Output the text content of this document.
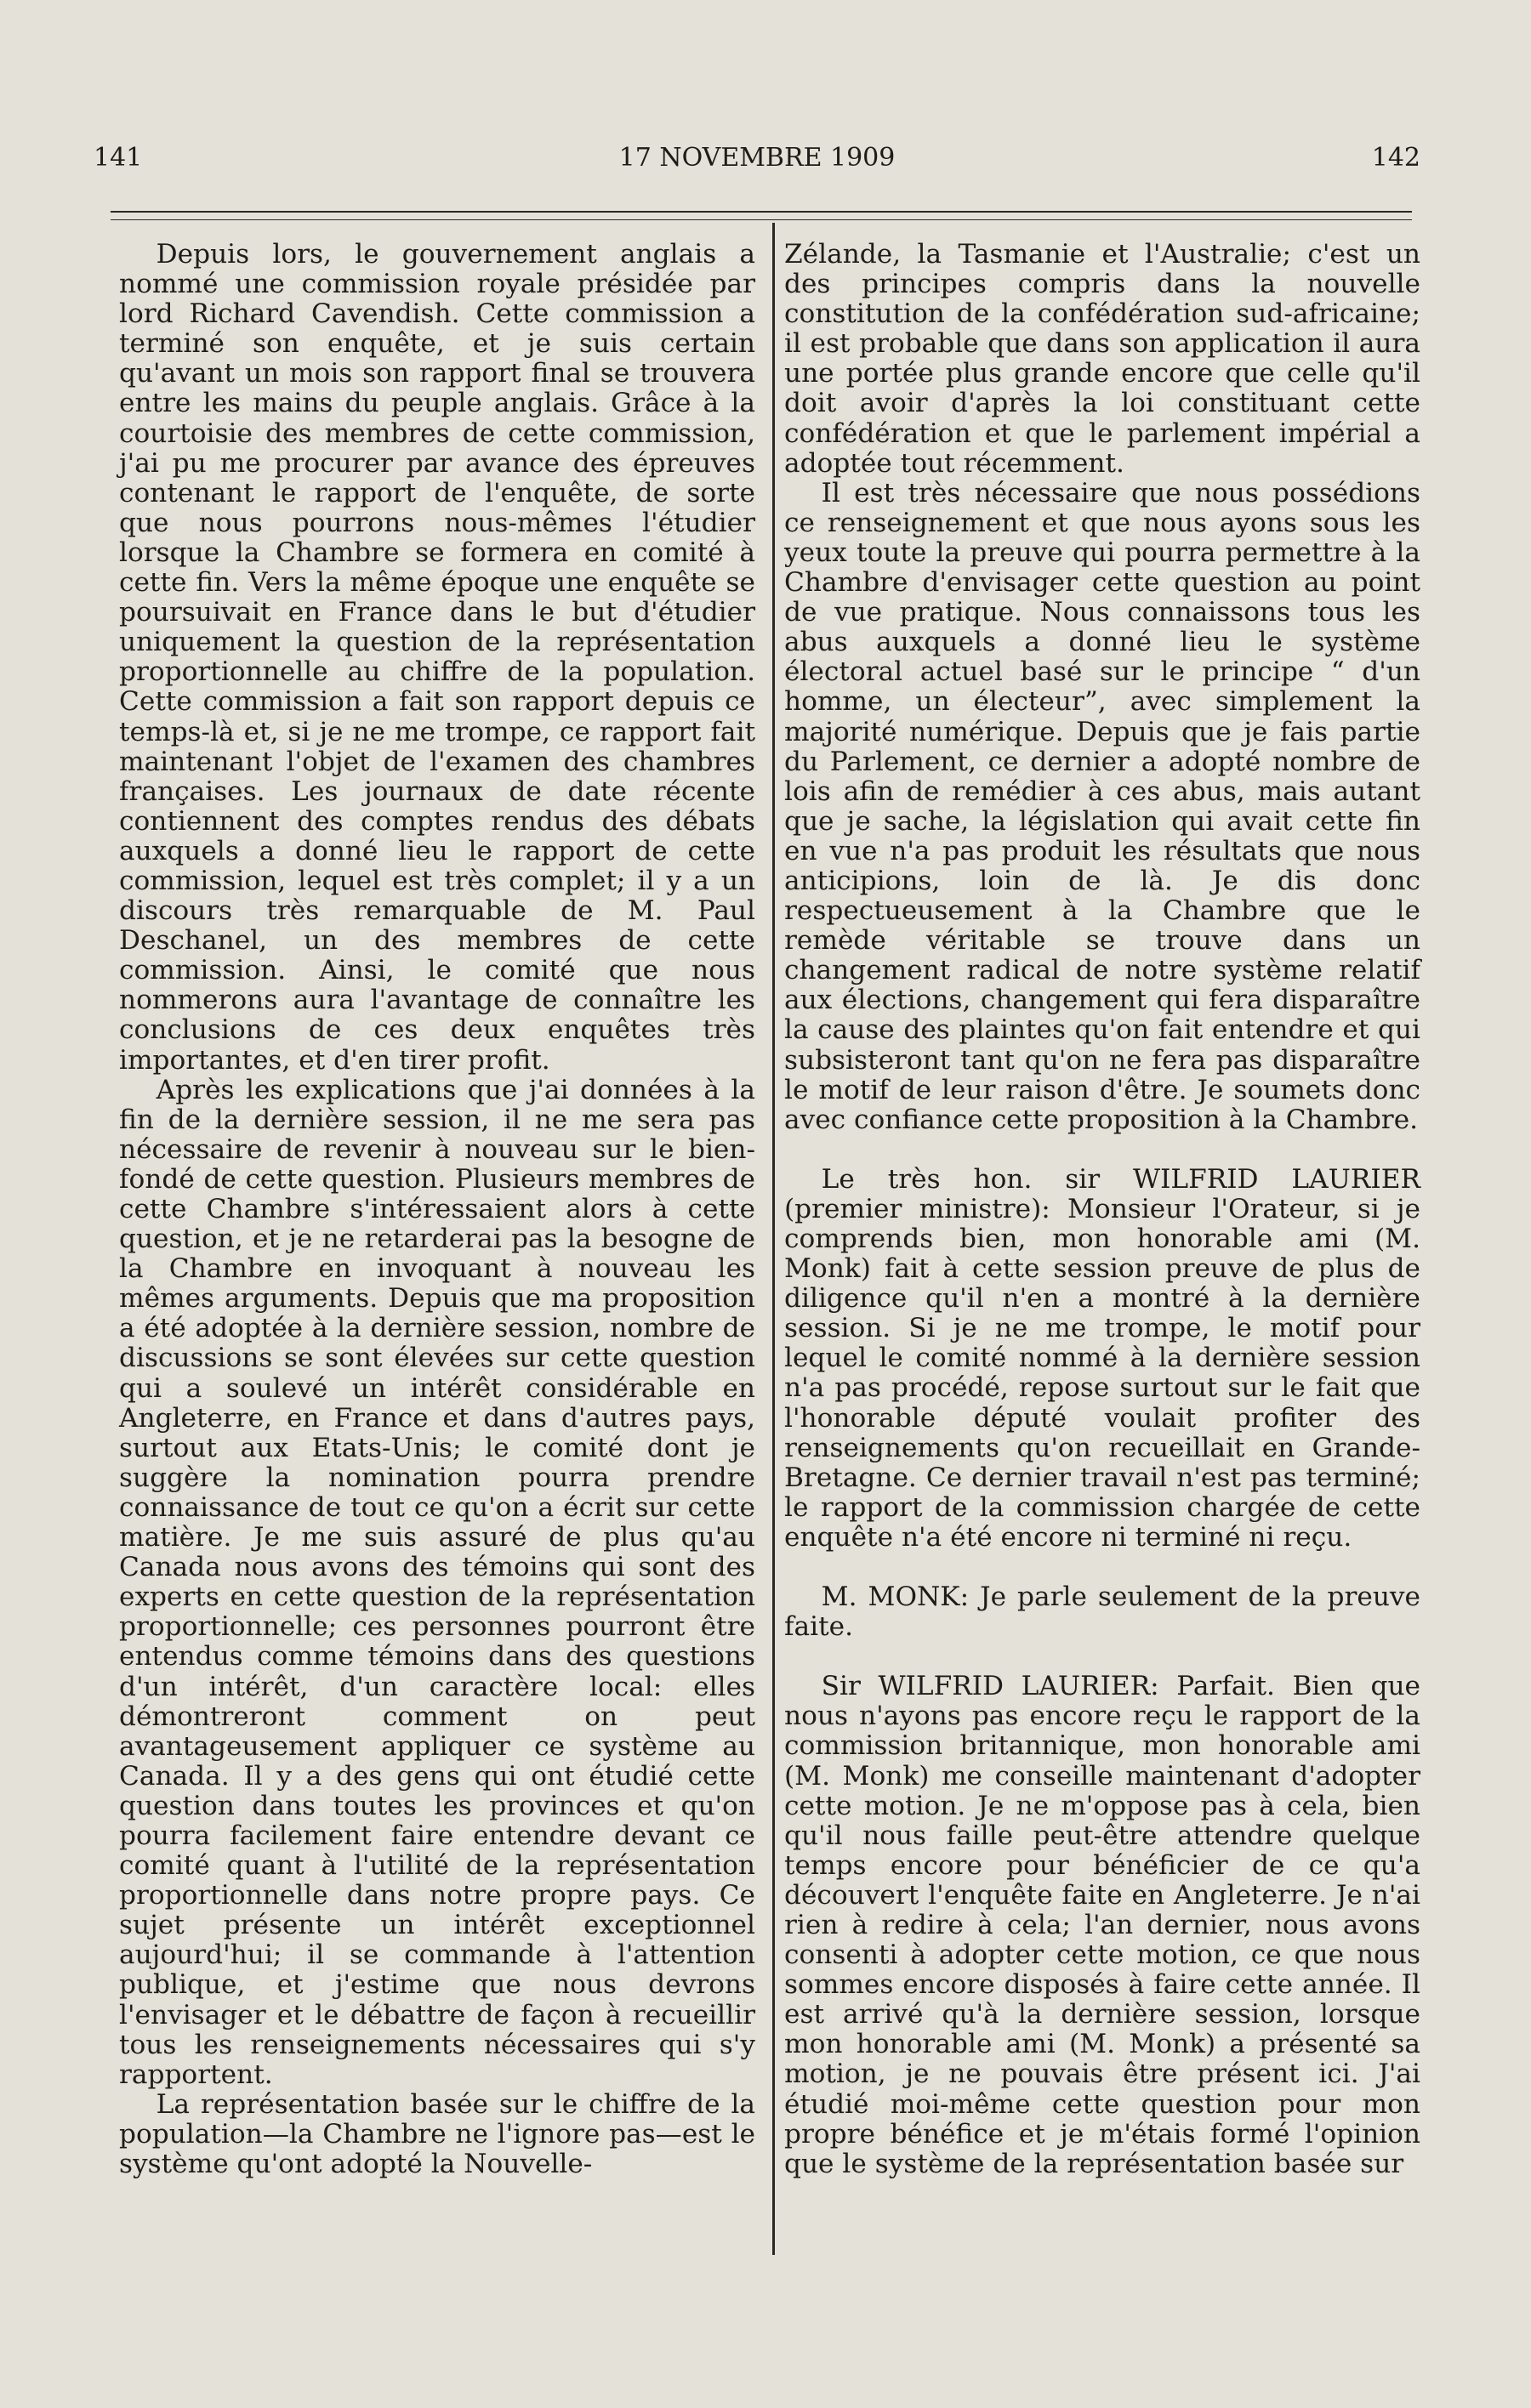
141	17 NOVEMBRE 1909	142

Depuis lors, le gouvernement anglais a nommé une commission royale présidée par lord Richard Cavendish. Cette commission a terminé son enquête, et je suis certain qu'avant un mois son rapport final se trouvera entre les mains du peuple anglais. Grâce à la courtoisie des membres de cette commission, j'ai pu me procurer par avance des épreuves contenant le rapport de l'enquête, de sorte que nous pourrons nous-mêmes l'étudier lorsque la Chambre se formera en comité à cette fin. Vers la même époque une enquête se poursuivait en France dans le but d'étudier uniquement la question de la représentation proportionnelle au chiffre de la population. Cette commission a fait son rapport depuis ce temps-là et, si je ne me trompe, ce rapport fait maintenant l'objet de l'examen des chambres françaises. Les journaux de date récente contiennent des comptes rendus des débats auxquels a donné lieu le rapport de cette commission, lequel est très complet; il y a un discours très remarquable de M. Paul Deschanel, un des membres de cette commission. Ainsi, le comité que nous nommerons aura l'avantage de connaître les conclusions de ces deux enquêtes très importantes, et d'en tirer profit.

Après les explications que j'ai données à la fin de la dernière session, il ne me sera pas nécessaire de revenir à nouveau sur le bien-fondé de cette question. Plusieurs membres de cette Chambre s'intéressaient alors à cette question, et je ne retarderai pas la besogne de la Chambre en invoquant à nouveau les mêmes arguments. Depuis que ma proposition a été adoptée à la dernière session, nombre de discussions se sont élevées sur cette question qui a soulevé un intérêt considérable en Angleterre, en France et dans d'autres pays, surtout aux Etats-Unis; le comité dont je suggère la nomination pourra prendre connaissance de tout ce qu'on a écrit sur cette matière. Je me suis assuré de plus qu'au Canada nous avons des témoins qui sont des experts en cette question de la représentation proportionnelle; ces personnes pourront être entendus comme témoins dans des questions d'un intérêt, d'un caractère local: elles démontreront comment on peut avantageusement appliquer ce système au Canada. Il y a des gens qui ont étudié cette question dans toutes les provinces et qu'on pourra facilement faire entendre devant ce comité quant à l'utilité de la représentation proportionnelle dans notre propre pays. Ce sujet présente un intérêt exceptionnel aujourd'hui; il se commande à l'attention publique, et j'estime que nous devrons l'envisager et le débattre de façon à recueillir tous les renseignements nécessaires qui s'y rapportent.

La représentation basée sur le chiffre de la population—la Chambre ne l'ignore pas—est le système qu'ont adopté la Nouvelle-

Zélande, la Tasmanie et l'Australie; c'est un des principes compris dans la nouvelle constitution de la confédération sud-africaine; il est probable que dans son application il aura une portée plus grande encore que celle qu'il doit avoir d'après la loi constituant cette confédération et que le parlement impérial a adoptée tout récemment.

Il est très nécessaire que nous possédions ce renseignement et que nous ayons sous les yeux toute la preuve qui pourra permettre à la Chambre d'envisager cette question au point de vue pratique. Nous connaissons tous les abus auxquels a donné lieu le système électoral actuel basé sur le principe “ d'un homme, un électeur”, avec simplement la majorité numérique. Depuis que je fais partie du Parlement, ce dernier a adopté nombre de lois afin de remédier à ces abus, mais autant que je sache, la législation qui avait cette fin en vue n'a pas produit les résultats que nous anticipions, loin de là. Je dis donc respectueusement à la Chambre que le remède véritable se trouve dans un changement radical de notre système relatif aux élections, changement qui fera disparaître la cause des plaintes qu'on fait entendre et qui subsisteront tant qu'on ne fera pas disparaître le motif de leur raison d'être. Je soumets donc avec confiance cette proposition à la Chambre.

Le très hon. sir WILFRID LAURIER (premier ministre): Monsieur l'Orateur, si je comprends bien, mon honorable ami (M. Monk) fait à cette session preuve de plus de diligence qu'il n'en a montré à la dernière session. Si je ne me trompe, le motif pour lequel le comité nommé à la dernière session n'a pas procédé, repose surtout sur le fait que l'honorable député voulait profiter des renseignements qu'on recueillait en Grande-Bretagne. Ce dernier travail n'est pas terminé; le rapport de la commission chargée de cette enquête n'a été encore ni terminé ni reçu.

M. MONK: Je parle seulement de la preuve faite.

Sir WILFRID LAURIER: Parfait. Bien que nous n'ayons pas encore reçu le rapport de la commission britannique, mon honorable ami (M. Monk) me conseille maintenant d'adopter cette motion. Je ne m'oppose pas à cela, bien qu'il nous faille peut-être attendre quelque temps encore pour bénéficier de ce qu'a découvert l'enquête faite en Angleterre. Je n'ai rien à redire à cela; l'an dernier, nous avons consenti à adopter cette motion, ce que nous sommes encore disposés à faire cette année. Il est arrivé qu'à la dernière session, lorsque mon honorable ami (M. Monk) a présenté sa motion, je ne pouvais être présent ici. J'ai étudié moi-même cette question pour mon propre bénéfice et je m'étais formé l'opinion que le système de la représentation basée sur
